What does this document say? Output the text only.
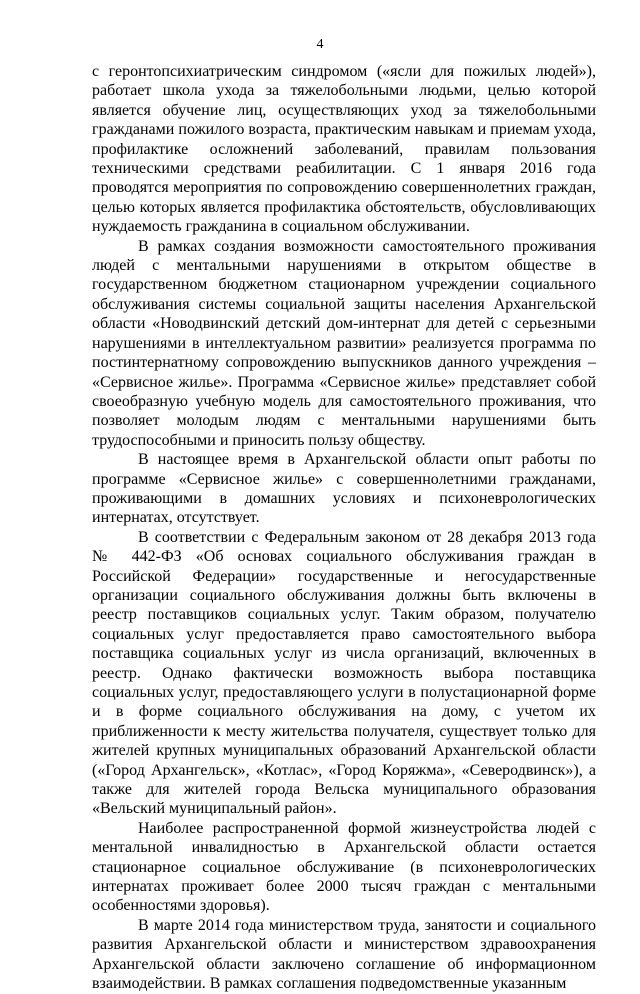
4

с геронтопсихиатрическим синдромом («ясли для пожилых людей»), работает школа ухода за тяжелобольными людьми, целью которой является обучение лиц, осуществляющих уход за тяжелобольными гражданами пожилого возраста, практическим навыкам и приемам ухода, профилактике осложнений заболеваний, правилам пользования техническими средствами реабилитации. С 1 января 2016 года проводятся мероприятия по сопровождению совершеннолетних граждан, целью которых является профилактика обстоятельств, обусловливающих нуждаемость гражданина в социальном обслуживании.

В рамках создания возможности самостоятельного проживания людей с ментальными нарушениями в открытом обществе в государственном бюджетном стационарном учреждении социального обслуживания системы социальной защиты населения Архангельской области «Новодвинский детский дом-интернат для детей с серьезными нарушениями в интеллектуальном развитии» реализуется программа по постинтернатному сопровождению выпускников данного учреждения – «Сервисное жилье». Программа «Сервисное жилье» представляет собой своеобразную учебную модель для самостоятельного проживания, что позволяет молодым людям с ментальными нарушениями быть трудоспособными и приносить пользу обществу.

В настоящее время в Архангельской области опыт работы по программе «Сервисное жилье» с совершеннолетними гражданами, проживающими в домашних условиях и психоневрологических интернатах, отсутствует.

В соответствии с Федеральным законом от 28 декабря 2013 года № 442-ФЗ «Об основах социального обслуживания граждан в Российской Федерации» государственные и негосударственные организации социального обслуживания должны быть включены в реестр поставщиков социальных услуг. Таким образом, получателю социальных услуг предоставляется право самостоятельного выбора поставщика социальных услуг из числа организаций, включенных в реестр. Однако фактически возможность выбора поставщика социальных услуг, предоставляющего услуги в полустационарной форме и в форме социального обслуживания на дому, с учетом их приближенности к месту жительства получателя, существует только для жителей крупных муниципальных образований Архангельской области («Город Архангельск», «Котлас», «Город Коряжма», «Северодвинск»), а также для жителей города Вельска муниципального образования «Вельский муниципальный район».

Наиболее распространенной формой жизнеустройства людей с ментальной инвалидностью в Архангельской области остается стационарное социальное обслуживание (в психоневрологических интернатах проживает более 2000 тысяч граждан с ментальными особенностями здоровья).

В марте 2014 года министерством труда, занятости и социального развития Архангельской области и министерством здравоохранения Архангельской области заключено соглашение об информационном взаимодействии. В рамках соглашения подведомственные указанным
